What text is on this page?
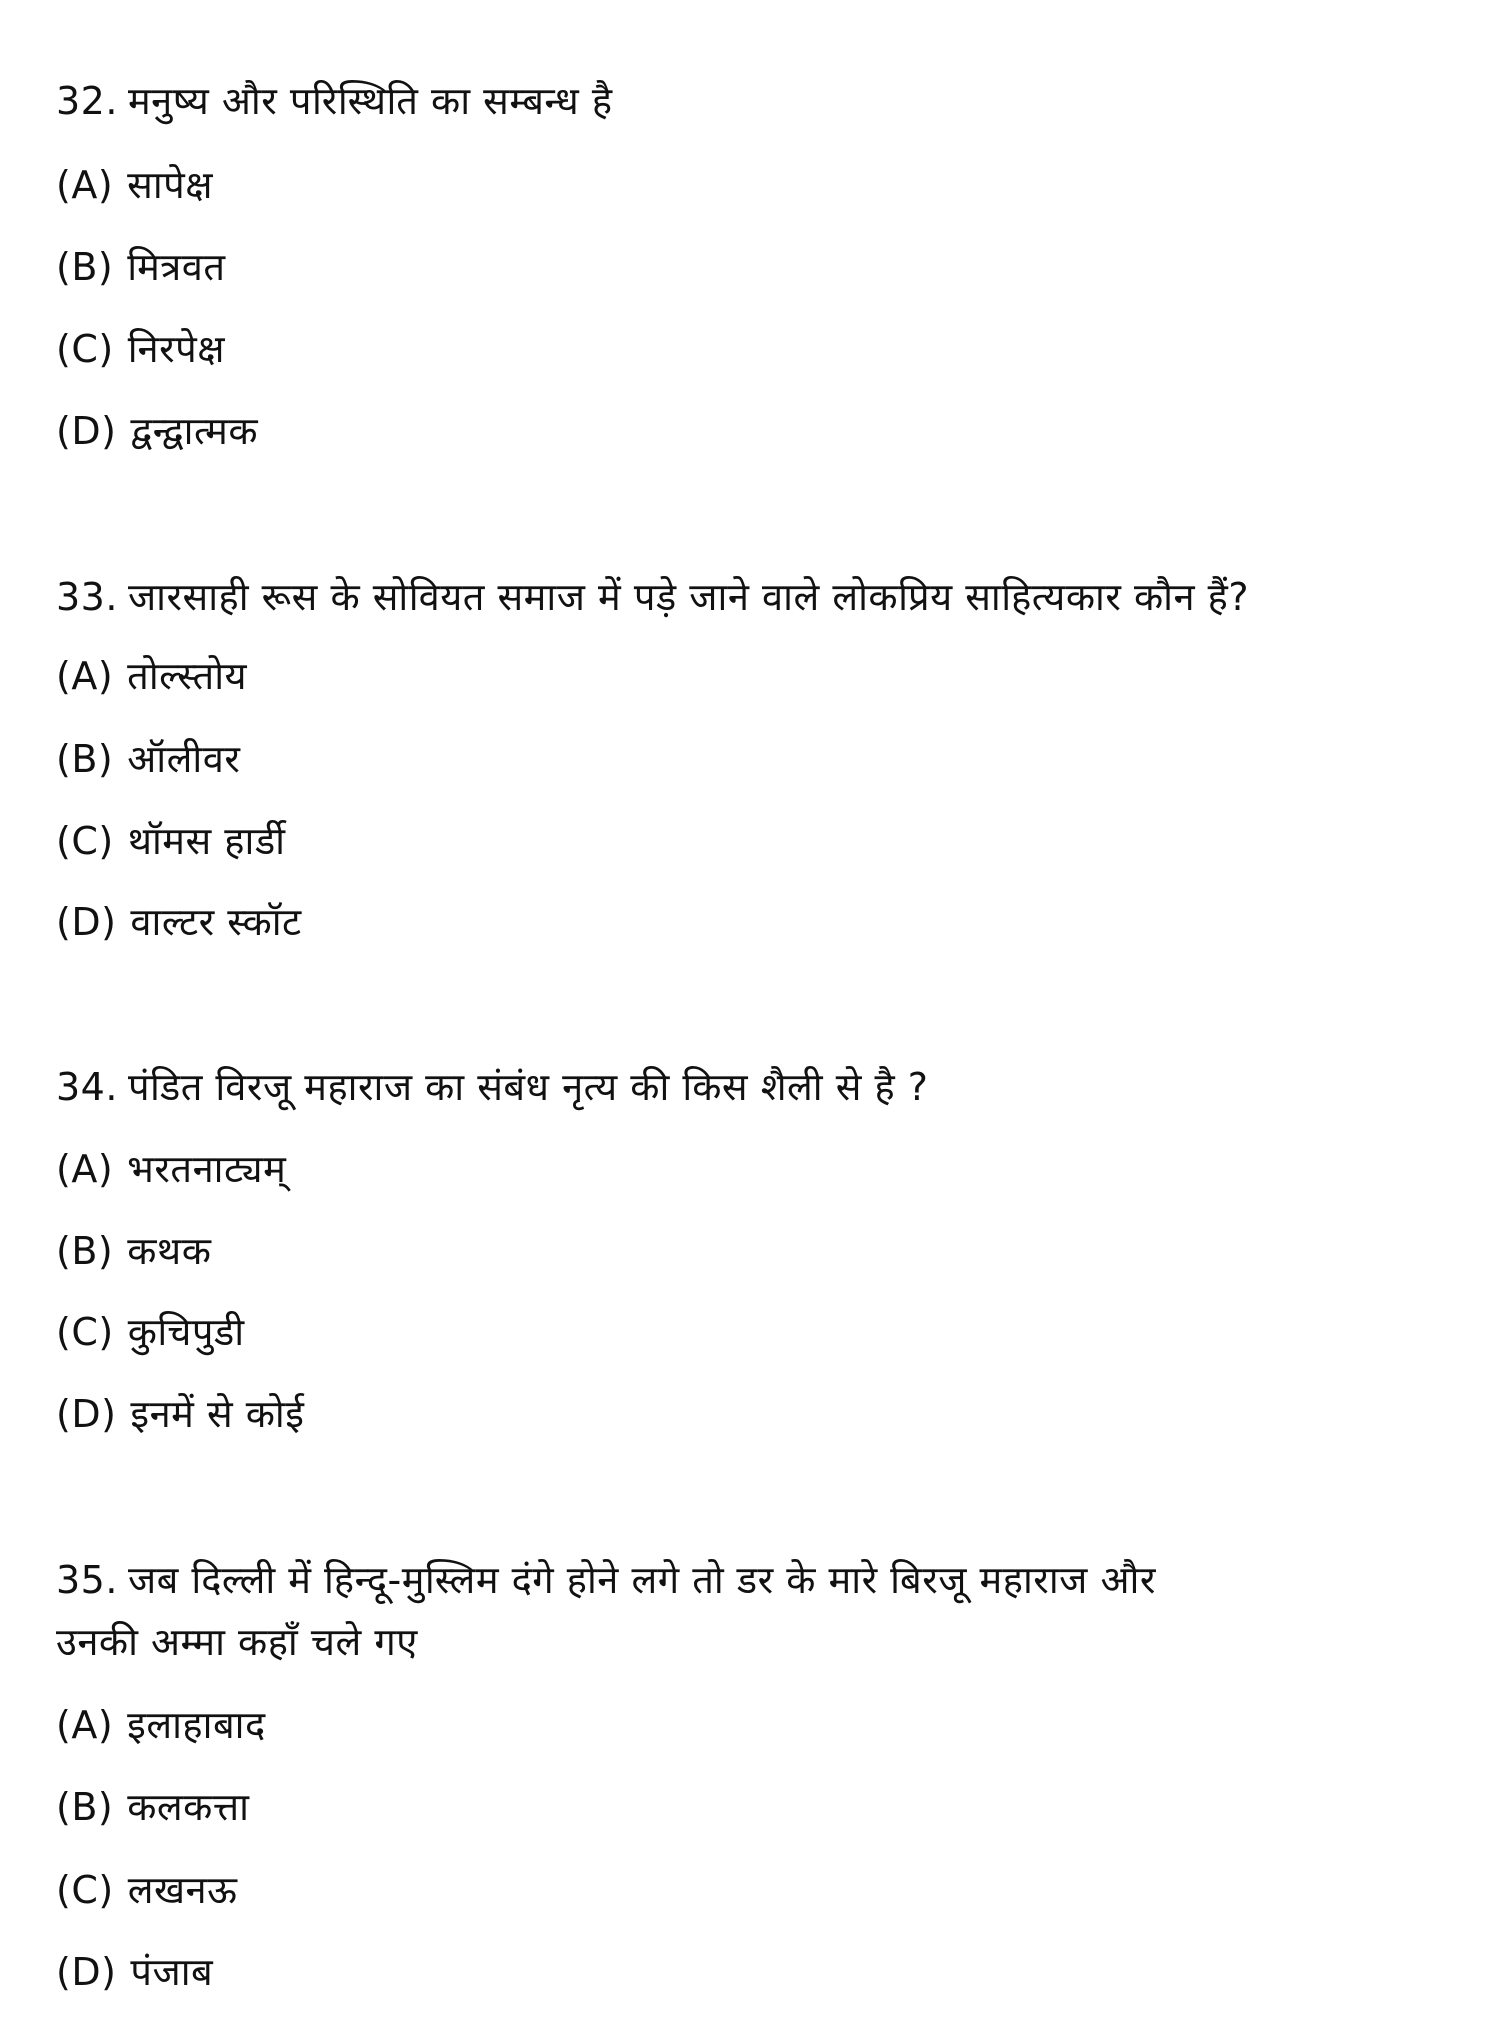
32. मनुष्य और परिस्थिति का सम्बन्ध है
(A) सापेक्ष
(B) मित्रवत
(C) निरपेक्ष
(D) द्वन्द्वात्मक
33. जारसाही रूस के सोवियत समाज में पड़े जाने वाले लोकप्रिय साहित्यकार कौन हैं?
(A) तोल्स्तोय
(B) ऑलीवर
(C) थॉमस हार्डी
(D) वाल्टर स्कॉट
34. पंडित विरजू महाराज का संबंध नृत्य की किस शैली से है ?
(A) भरतनाट्यम्
(B) कथक
(C) कुचिपुडी
(D) इनमें से कोई
35. जब दिल्ली में हिन्दू-मुस्लिम दंगे होने लगे तो डर के मारे बिरजू महाराज और
उनकी अम्मा कहाँ चले गए
(A) इलाहाबाद
(B) कलकत्ता
(C) लखनऊ
(D) पंजाब
